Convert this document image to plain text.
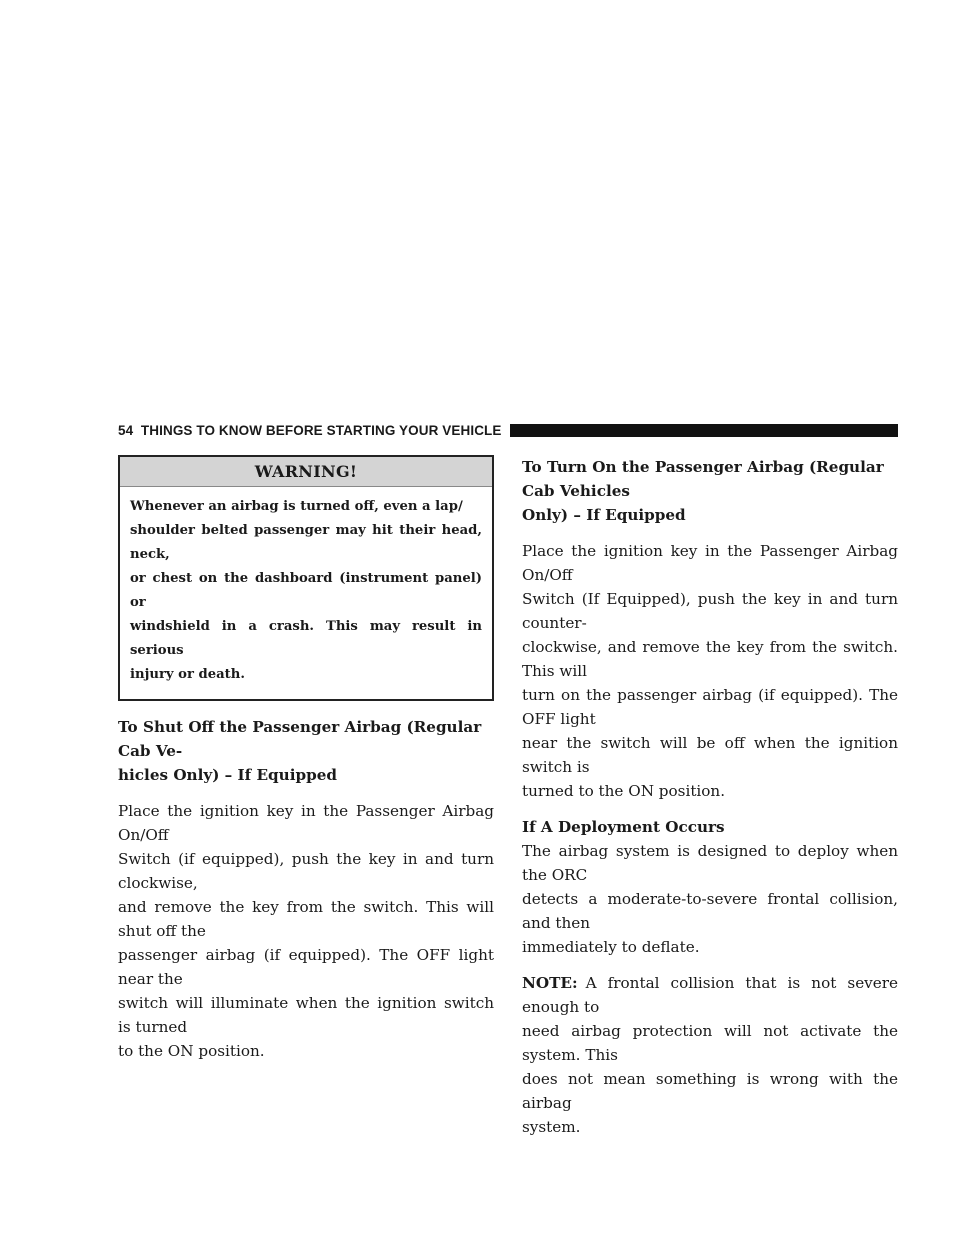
54 THINGS TO KNOW BEFORE STARTING YOUR VEHICLE
WARNING!
Whenever an airbag is turned off, even a lap/
shoulder belted passenger may hit their head, neck,
or chest on the dashboard (instrument panel) or
windshield in a crash. This may result in serious
injury or death.
To Shut Off the Passenger Airbag (Regular Cab Ve-
hicles Only) – If Equipped
Place the ignition key in the Passenger Airbag On/Off
Switch (if equipped), push the key in and turn clockwise,
and remove the key from the switch. This will shut off the
passenger airbag (if equipped). The OFF light near the
switch will illuminate when the ignition switch is turned
to the ON position.
To Turn On the Passenger Airbag (Regular Cab Vehicles
Only) – If Equipped
Place the ignition key in the Passenger Airbag On/Off
Switch (If Equipped), push the key in and turn counter-
clockwise, and remove the key from the switch. This will
turn on the passenger airbag (if equipped). The OFF light
near the switch will be off when the ignition switch is
turned to the ON position.
If A Deployment Occurs
The airbag system is designed to deploy when the ORC
detects a moderate-to-severe frontal collision, and then
immediately to deflate.
NOTE: A frontal collision that is not severe enough to
need airbag protection will not activate the system. This
does not mean something is wrong with the airbag
system.
